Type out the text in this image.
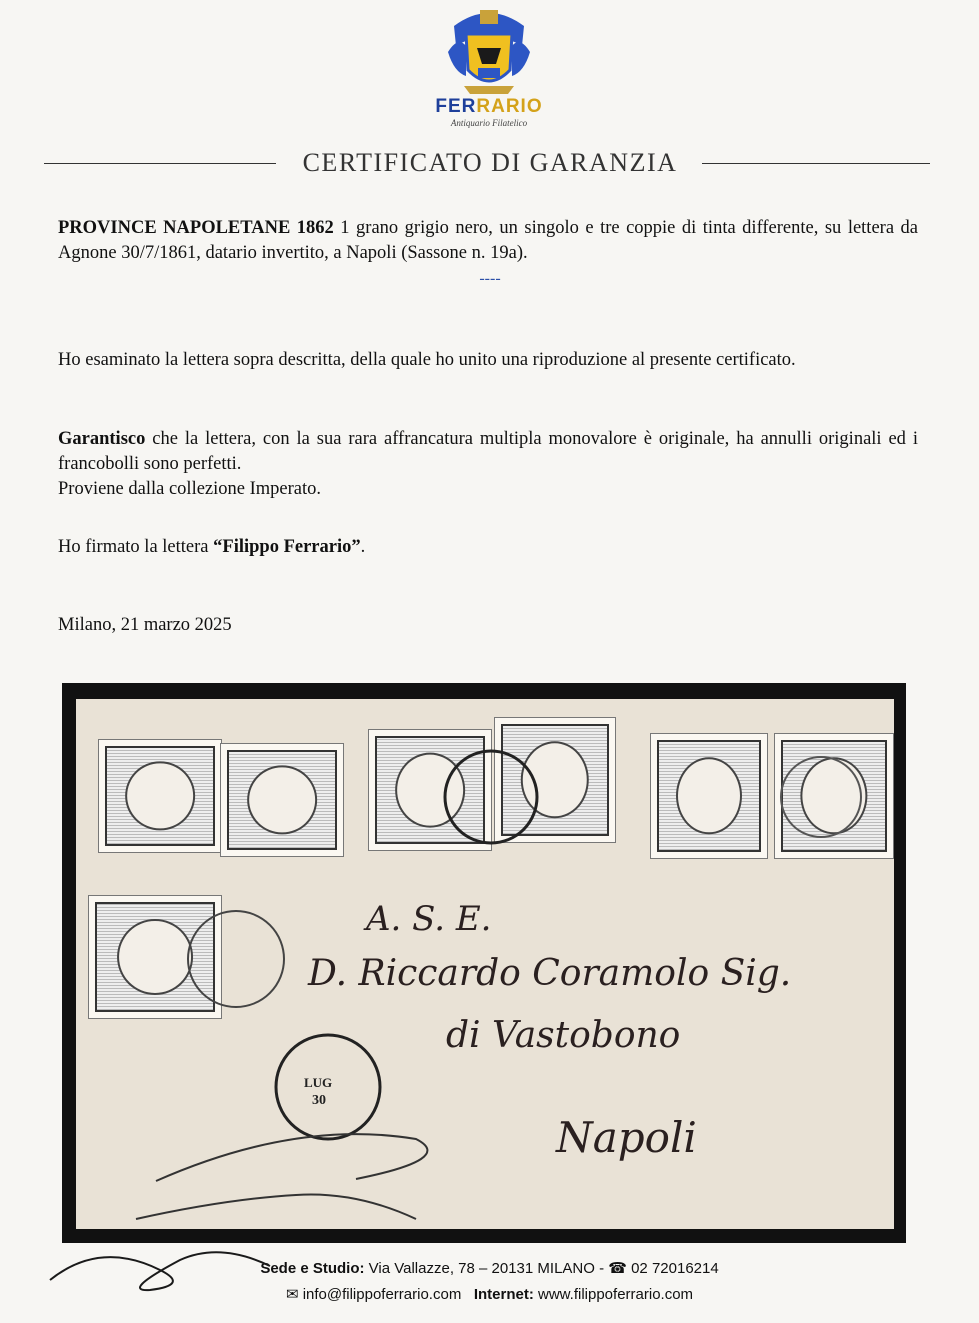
FERRARIO
Antiquario Filatelico
CERTIFICATO DI GARANZIA
PROVINCE NAPOLETANE 1862 1 grano grigio nero, un singolo e tre coppie di tinta differente, su lettera da Agnone 30/7/1861, datario invertito, a Napoli (Sassone n. 19a).
----
Ho esaminato la lettera sopra descritta, della quale ho unito una riproduzione al presente certificato.
Garantisco che la lettera, con la sua rara affrancatura multipla monovalore è originale, ha annulli originali ed i francobolli sono perfetti.
Proviene dalla collezione Imperato.
Ho firmato la lettera “Filippo Ferrario”.
Milano, 21 marzo 2025
A. S. E.
D. Riccardo Coramolo Sig.
di Vastobono
Napoli
LUG
30
Sede e Studio: Via Vallazze, 78 – 20131 MILANO - ☎ 02 72016214
✉ info@filippoferrario.com Internet: www.filippoferrario.com
